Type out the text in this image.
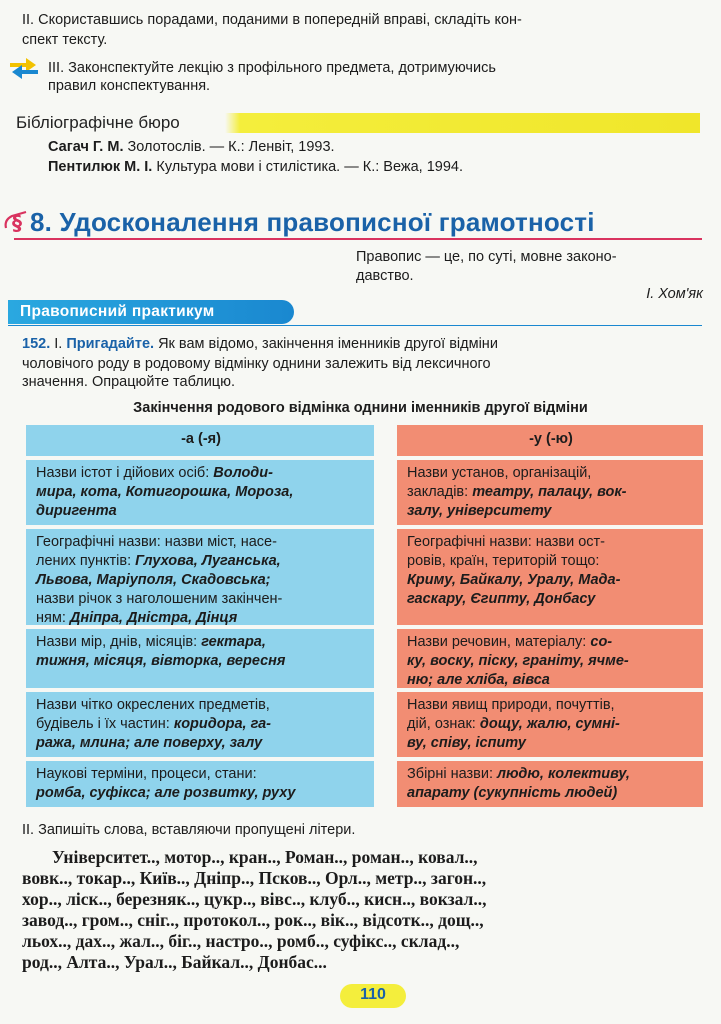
ІІ. Скориставшись порадами, поданими в попередній вправі, складіть кон-
спект тексту.
ІІІ. Законспектуйте лекцію з профільного предмета, дотримуючись
правил конспектування.
Бібліографічне бюро
Сагач Г. М. Золотослів. — К.: Ленвіт, 1993.
Пентилюк М. І. Культура мови і стилістика. — К.: Вежа, 1994.
§ 8. Удосконалення правописної грамотності
Правопис — це, по суті, мовне законо-
давство.
І. Хом'як
Правописний практикум
152. І. Пригадайте. Як вам відомо, закінчення іменників другої відміни
чоловічого роду в родовому відмінку однини залежить від лексичного
значення. Опрацюйте таблицю.
Закінчення родового відмінка однини іменників другої відміни
-а (-я)	-у (-ю)
Назви істот і дійових осіб: Володи-
мира, кота, Котигорошка, Мороза,
диригента
Назви установ, організацій,
закладів: театру, палацу, вок-
залу, університету
Географічні назви: назви міст, насе-
лених пунктів: Глухова, Луганська,
Львова, Маріуполя, Скадовська;
назви річок з наголошеним закінчен-
ням: Дніпра, Дністра, Дінця
Географічні назви: назви ост-
ровів, країн, територій тощо:
Криму, Байкалу, Уралу, Мада-
гаскару, Єгипту, Донбасу
Назви мір, днів, місяців: гектара,
тижня, місяця, вівторка, вересня
Назви речовин, матеріалу: со-
ку, воску, піску, граніту, ячме-
ню; але хліба, вівса
Назви чітко окреслених предметів,
будівель і їх частин: коридора, га-
ража, млина; але поверху, залу
Назви явищ природи, почуттів,
дій, ознак: дощу, жалю, сумні-
ву, співу, іспиту
Наукові терміни, процеси, стани:
ромба, суфікса; але розвитку, руху
Збірні назви: людю, колективу,
апарату (сукупність людей)
ІІ. Запишіть слова, вставляючи пропущені літери.
Університет.., мотор.., кран.., Роман.., роман.., ковал..,
вовк.., токар.., Київ.., Дніпр.., Псков.., Орл.., метр.., загон..,
хор.., ліск.., березняк.., цукр.., вівс.., клуб.., кисн.., вокзал..,
завод.., гром.., сніг.., протокол.., рок.., вік.., відсотк.., дощ..,
льох.., дах.., жал.., біг.., настро.., ромб.., суфікс.., склад..,
род.., Алта.., Урал.., Байкал.., Донбас...
110
